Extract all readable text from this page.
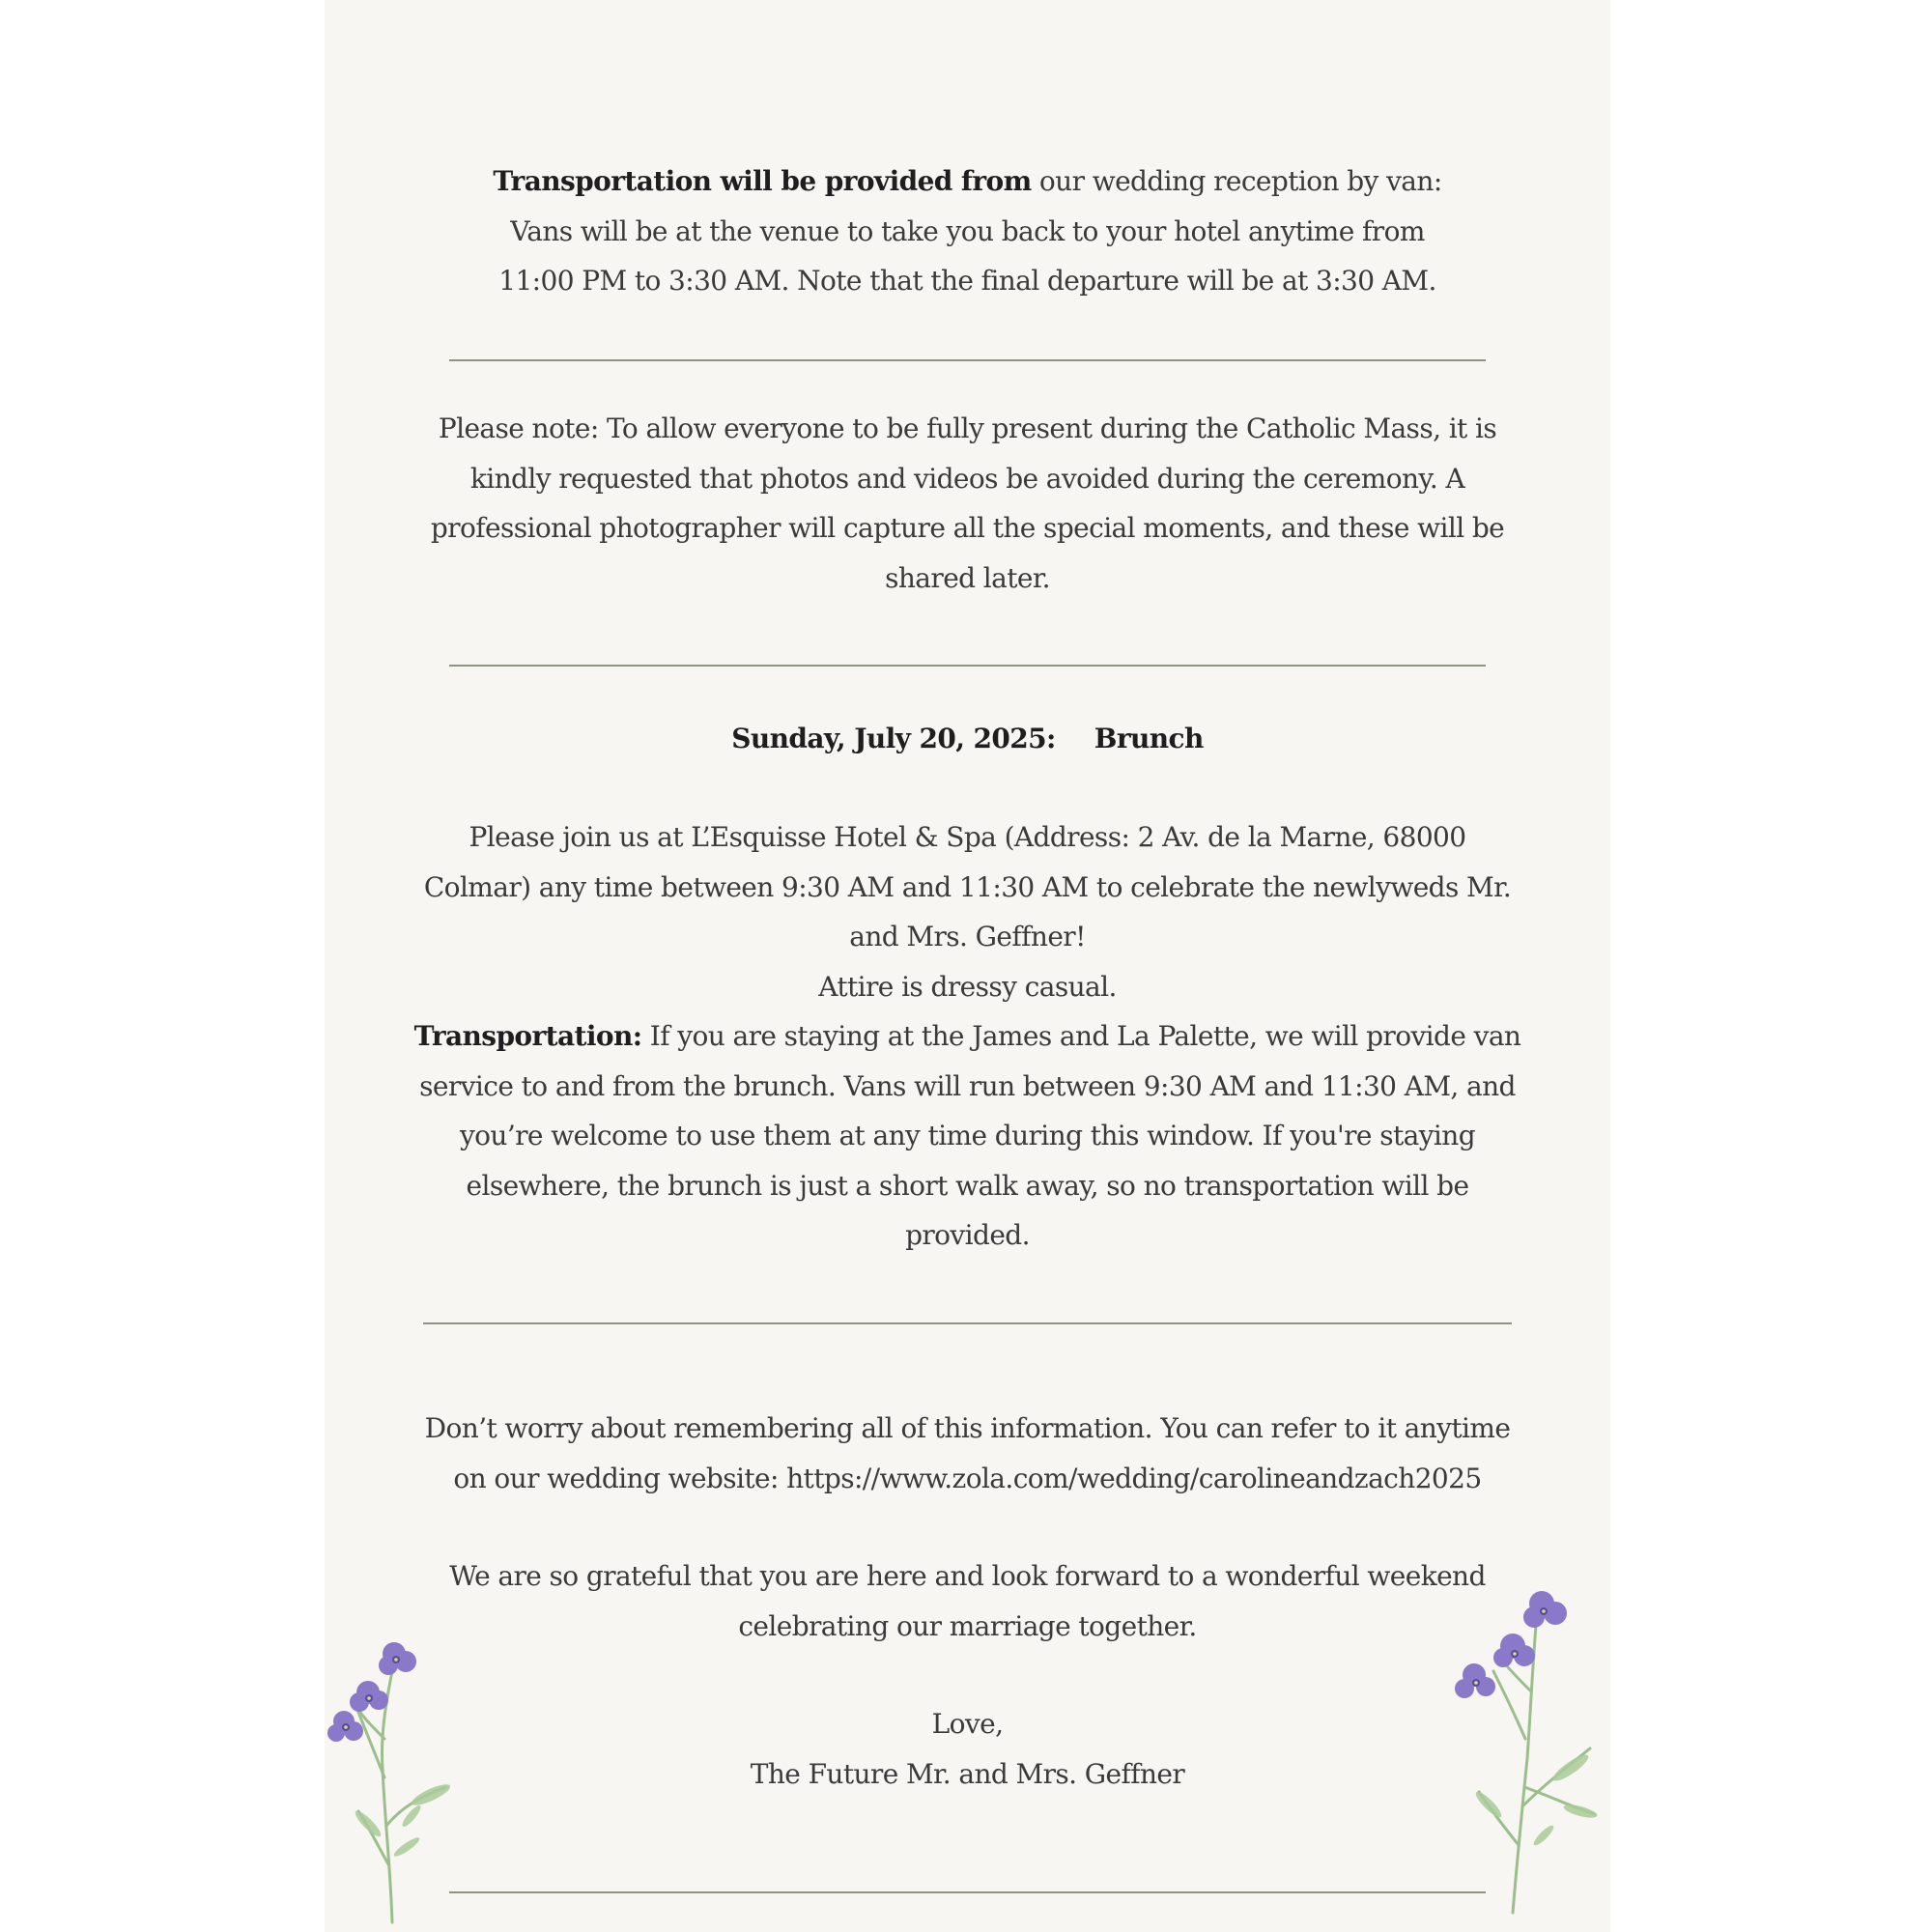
Transportation will be provided from our wedding reception by van:

Vans will be at the venue to take you back to your hotel anytime from

11:00 PM to 3:30 AM. Note that the final departure will be at 3:30 AM.

Please note: To allow everyone to be fully present during the Catholic Mass, it is

kindly requested that photos and videos be avoided during the ceremony. A

professional photographer will capture all the special moments, and these will be

shared later.

Sunday, July 20, 2025: Brunch

Please join us at L’Esquisse Hotel & Spa (Address: 2 Av. de la Marne, 68000

Colmar) any time between 9:30 AM and 11:30 AM to celebrate the newlyweds Mr.

and Mrs. Geffner!

Attire is dressy casual.

Transportation: If you are staying at the James and La Palette, we will provide van

service to and from the brunch. Vans will run between 9:30 AM and 11:30 AM, and

you’re welcome to use them at any time during this window. If you're staying

elsewhere, the brunch is just a short walk away, so no transportation will be

provided.

Don’t worry about remembering all of this information. You can refer to it anytime

on our wedding website: https://www.zola.com/wedding/carolineandzach2025

We are so grateful that you are here and look forward to a wonderful weekend

celebrating our marriage together.

Love,

The Future Mr. and Mrs. Geffner
